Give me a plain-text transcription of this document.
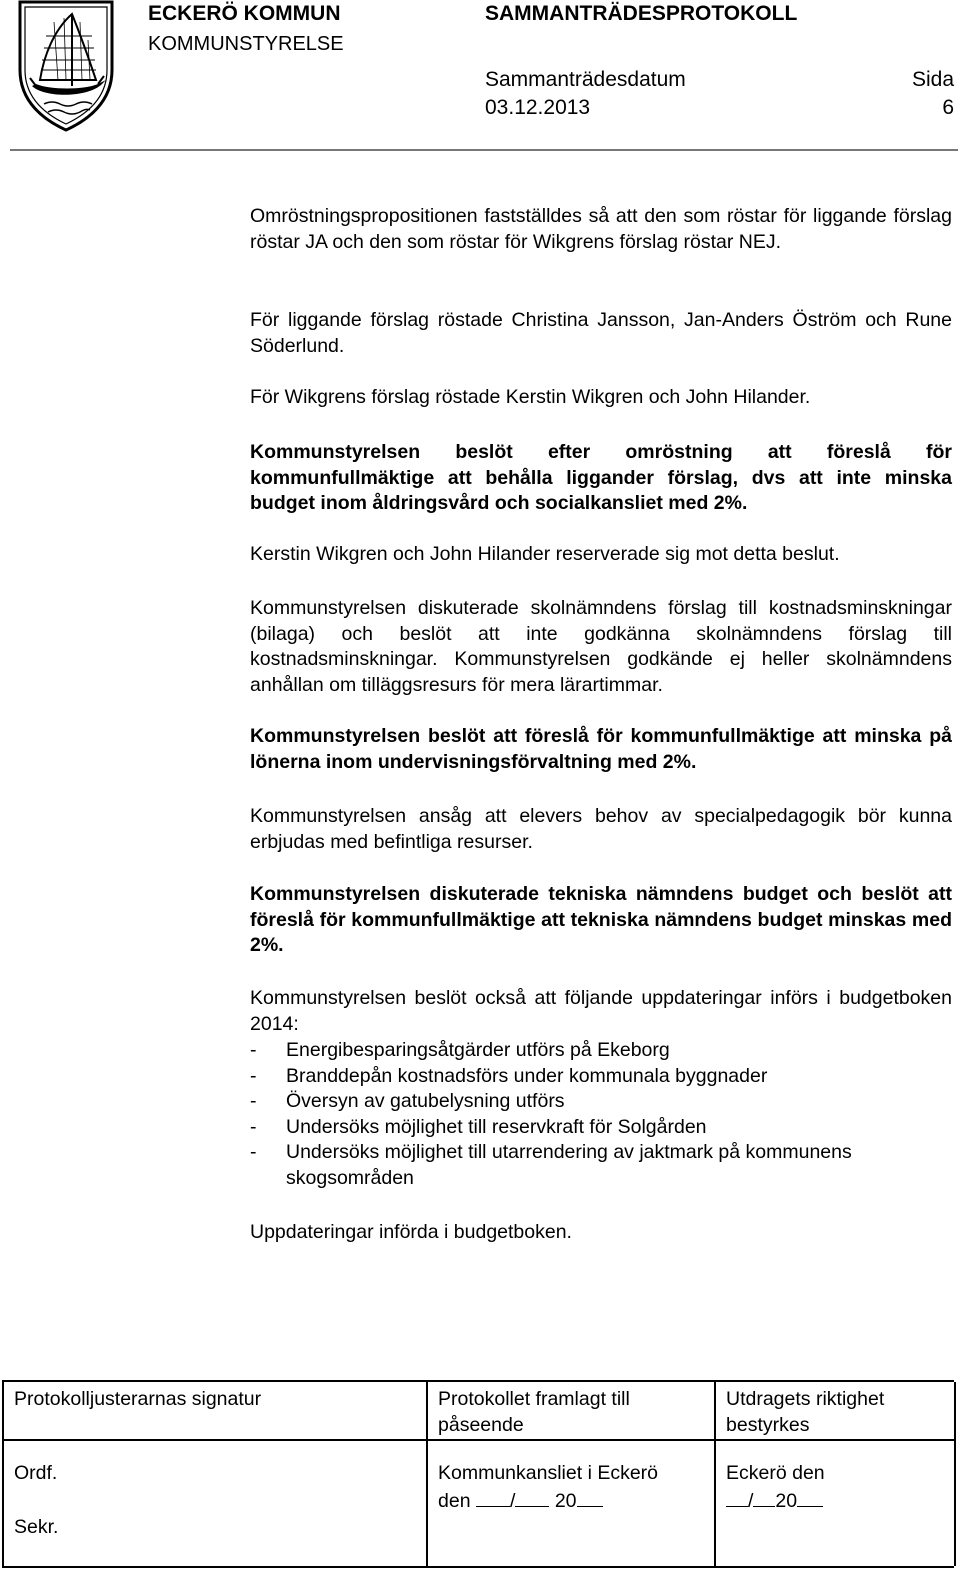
ECKERÖ KOMMUN
KOMMUNSTYRELSE
SAMMANTRÄDESPROTOKOLL
Sammanträdesdatum
03.12.2013
Sida
6

Omröstningspropositionen fastställdes så att den som röstar för liggande förslag röstar JA och den som röstar för Wikgrens förslag röstar NEJ.

För liggande förslag röstade Christina Jansson, Jan-Anders Öström och Rune Söderlund.

För Wikgrens förslag röstade Kerstin Wikgren och John Hilander.

Kommunstyrelsen beslöt efter omröstning att föreslå för kommunfullmäktige att behålla liggander förslag, dvs att inte minska budget inom åldringsvård och socialkansliet med 2%.

Kerstin Wikgren och John Hilander reserverade sig mot detta beslut.

Kommunstyrelsen diskuterade skolnämndens förslag till kostnadsminskningar (bilaga) och beslöt att inte godkänna skolnämndens förslag till kostnadsminskningar. Kommunstyrelsen godkände ej heller skolnämndens anhållan om tilläggsresurs för mera lärartimmar.

Kommunstyrelsen beslöt att föreslå för kommunfullmäktige att minska på lönerna inom undervisningsförvaltning med 2%.

Kommunstyrelsen ansåg att elevers behov av specialpedagogik bör kunna erbjudas med befintliga resurser.

Kommunstyrelsen diskuterade tekniska nämndens budget och beslöt att föreslå för kommunfullmäktige att tekniska nämndens budget minskas med 2%.

Kommunstyrelsen beslöt också att följande uppdateringar införs i budgetboken 2014:

- Energibesparingsåtgärder utförs på Ekeborg
- Branddepån kostnadsförs under kommunala byggnader
- Översyn av gatubelysning utförs
- Undersöks möjlighet till reservkraft för Solgården
- Undersöks möjlighet till utarrendering av jaktmark på kommunens skogsområden

Uppdateringar införda i budgetboken.

Protokolljusterarnas signatur	Protokollet framlagt till
påseende
Utdragets riktighet
bestyrkes
Ordf.
Sekr.
Kommunkansliet i Eckerö
den / 20
Eckerö den
/ 20
